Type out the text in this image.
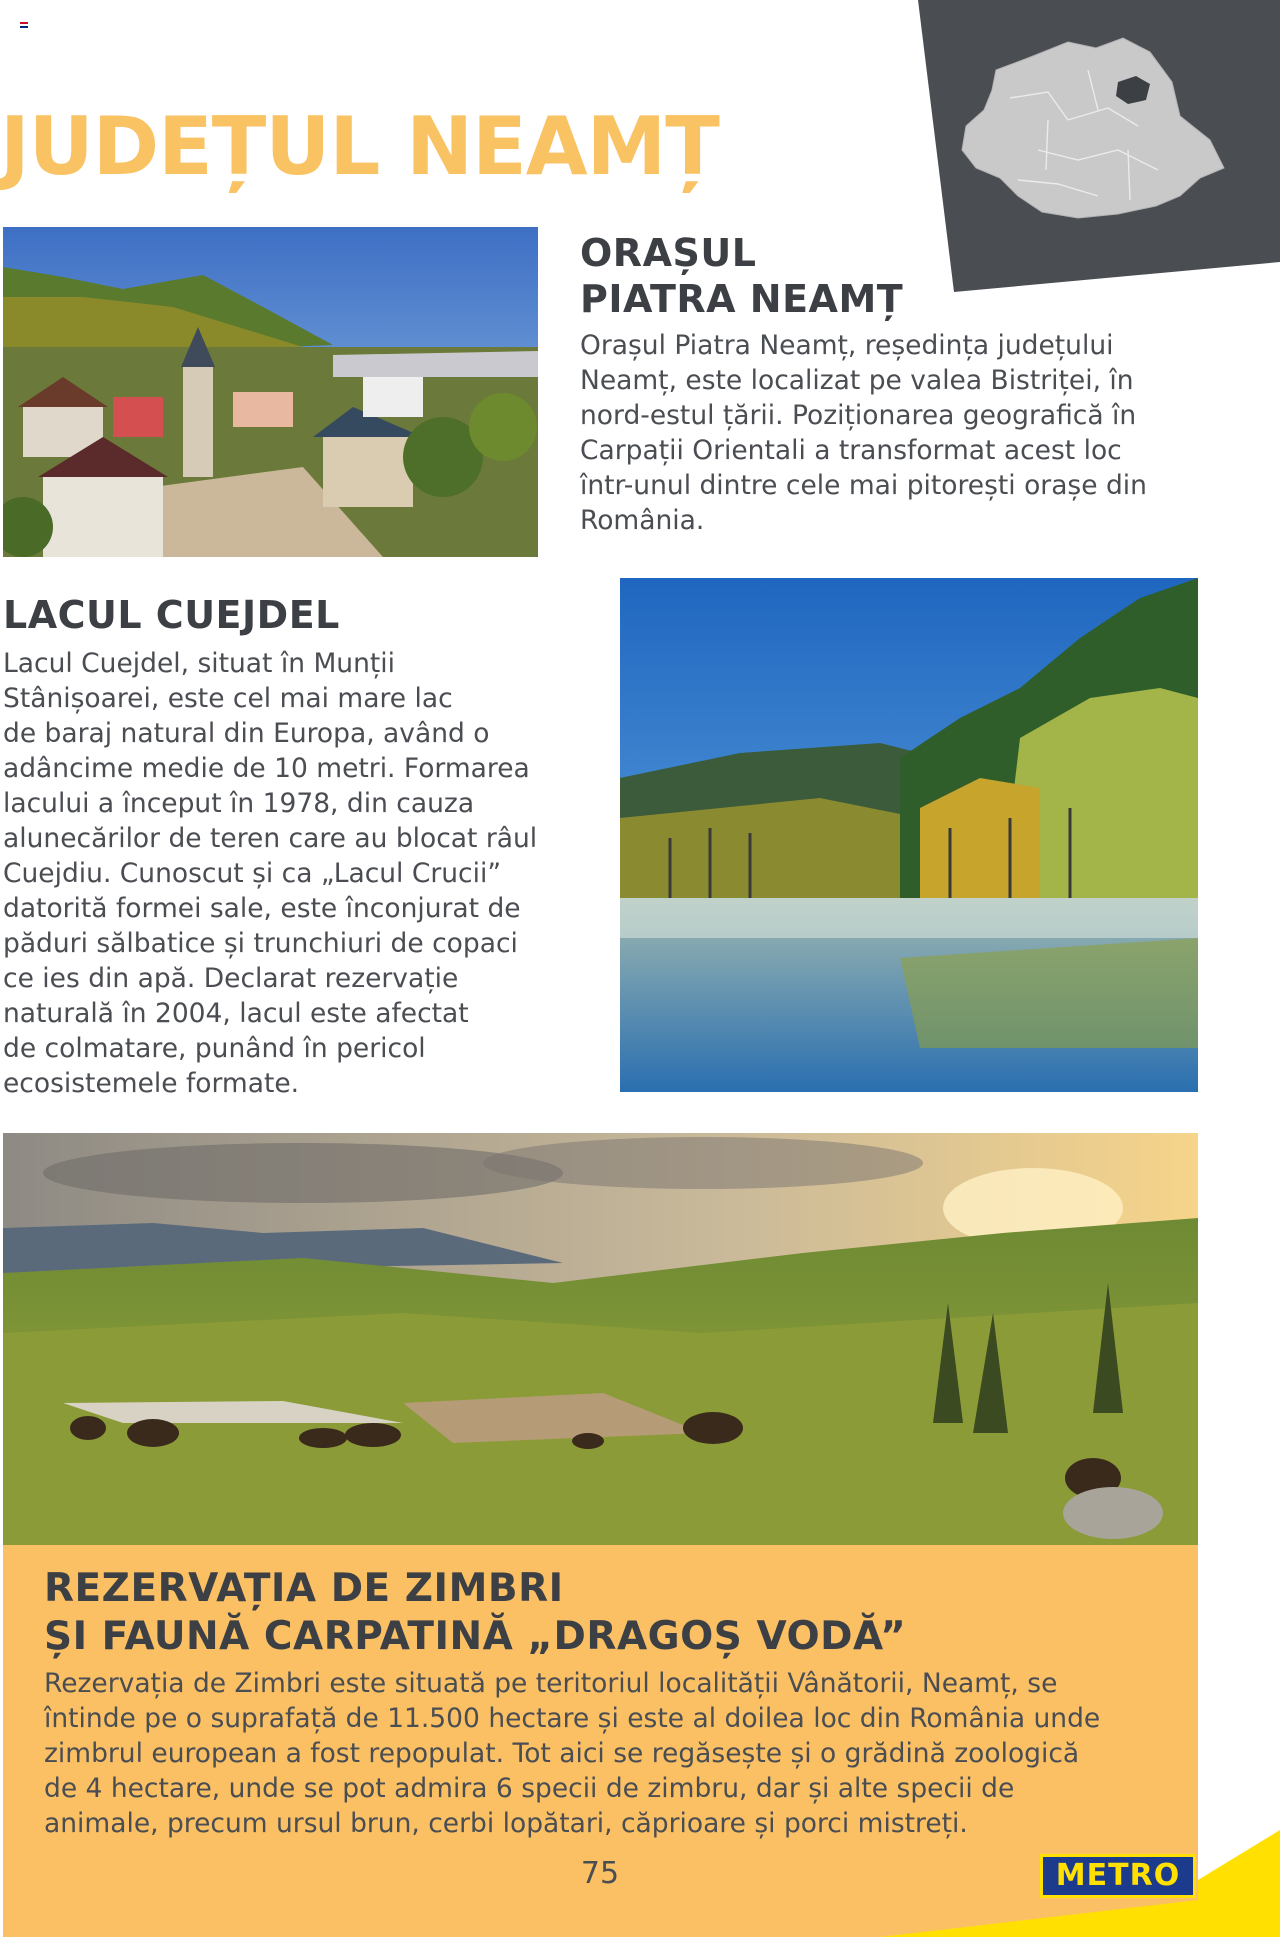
JUDEȚUL NEAMȚ
ORAȘUL
PIATRA NEAMȚ

Orașul Piatra Neamț, reședința județului
Neamț, este localizat pe valea Bistriței, în
nord-estul țării. Poziționarea geografică în
Carpații Orientali a transformat acest loc
într-unul dintre cele mai pitorești orașe din
România.

LACUL CUEJDEL

Lacul Cuejdel, situat în Munții
Stânișoarei, este cel mai mare lac
de baraj natural din Europa, având o
adâncime medie de 10 metri. Formarea
lacului a început în 1978, din cauza
alunecărilor de teren care au blocat râul
Cuejdiu. Cunoscut și ca „Lacul Crucii”
datorită formei sale, este înconjurat de
păduri sălbatice și trunchiuri de copaci
ce ies din apă. Declarat rezervație
naturală în 2004, lacul este afectat
de colmatare, punând în pericol
ecosistemele formate.

REZERVAȚIA DE ZIMBRI
ȘI FAUNĂ CARPATINĂ „DRAGOȘ VODĂ”

Rezervația de Zimbri este situată pe teritoriul localității Vânătorii, Neamț, se
întinde pe o suprafață de 11.500 hectare și este al doilea loc din România unde
zimbrul european a fost repopulat. Tot aici se regăsește și o grădină zoologică
de 4 hectare, unde se pot admira 6 specii de zimbru, dar și alte specii de
animale, precum ursul brun, cerbi lopătari, căprioare și porci mistreți.

75	METRO
